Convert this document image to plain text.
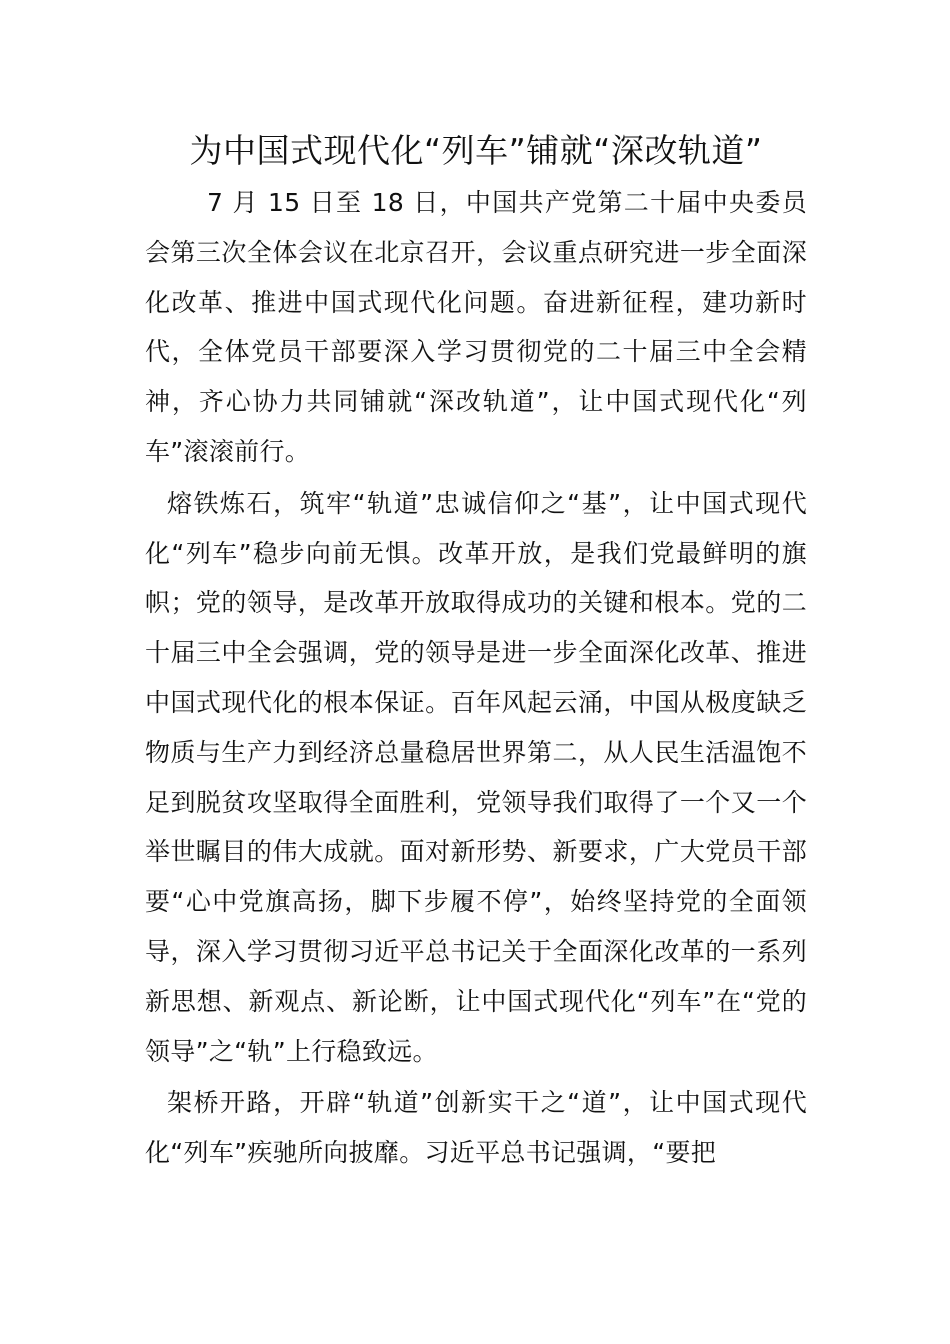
为中国式现代化“列车”铺就“深改轨道”

7 月 15 日至 18 日，中国共产党第二十届中央委员会第三次全体会议在北京召开，会议重点研究进一步全面深化改革、推进中国式现代化问题。奋进新征程，建功新时代，全体党员干部要深入学习贯彻党的二十届三中全会精神，齐心协力共同铺就“深改轨道”，让中国式现代化“列车”滚滚前行。

熔铁炼石，筑牢“轨道”忠诚信仰之“基”，让中国式现代化“列车”稳步向前无惧。改革开放，是我们党最鲜明的旗帜；党的领导，是改革开放取得成功的关键和根本。党的二十届三中全会强调，党的领导是进一步全面深化改革、推进中国式现代化的根本保证。百年风起云涌，中国从极度缺乏物质与生产力到经济总量稳居世界第二，从人民生活温饱不足到脱贫攻坚取得全面胜利，党领导我们取得了一个又一个举世瞩目的伟大成就。面对新形势、新要求，广大党员干部要“心中党旗高扬，脚下步履不停”，始终坚持党的全面领导，深入学习贯彻习近平总书记关于全面深化改革的一系列新思想、新观点、新论断，让中国式现代化“列车”在“党的领导”之“轨”上行稳致远。

架桥开路，开辟“轨道”创新实干之“道”，让中国式现代化“列车”疾驰所向披靡。习近平总书记强调，“要把
